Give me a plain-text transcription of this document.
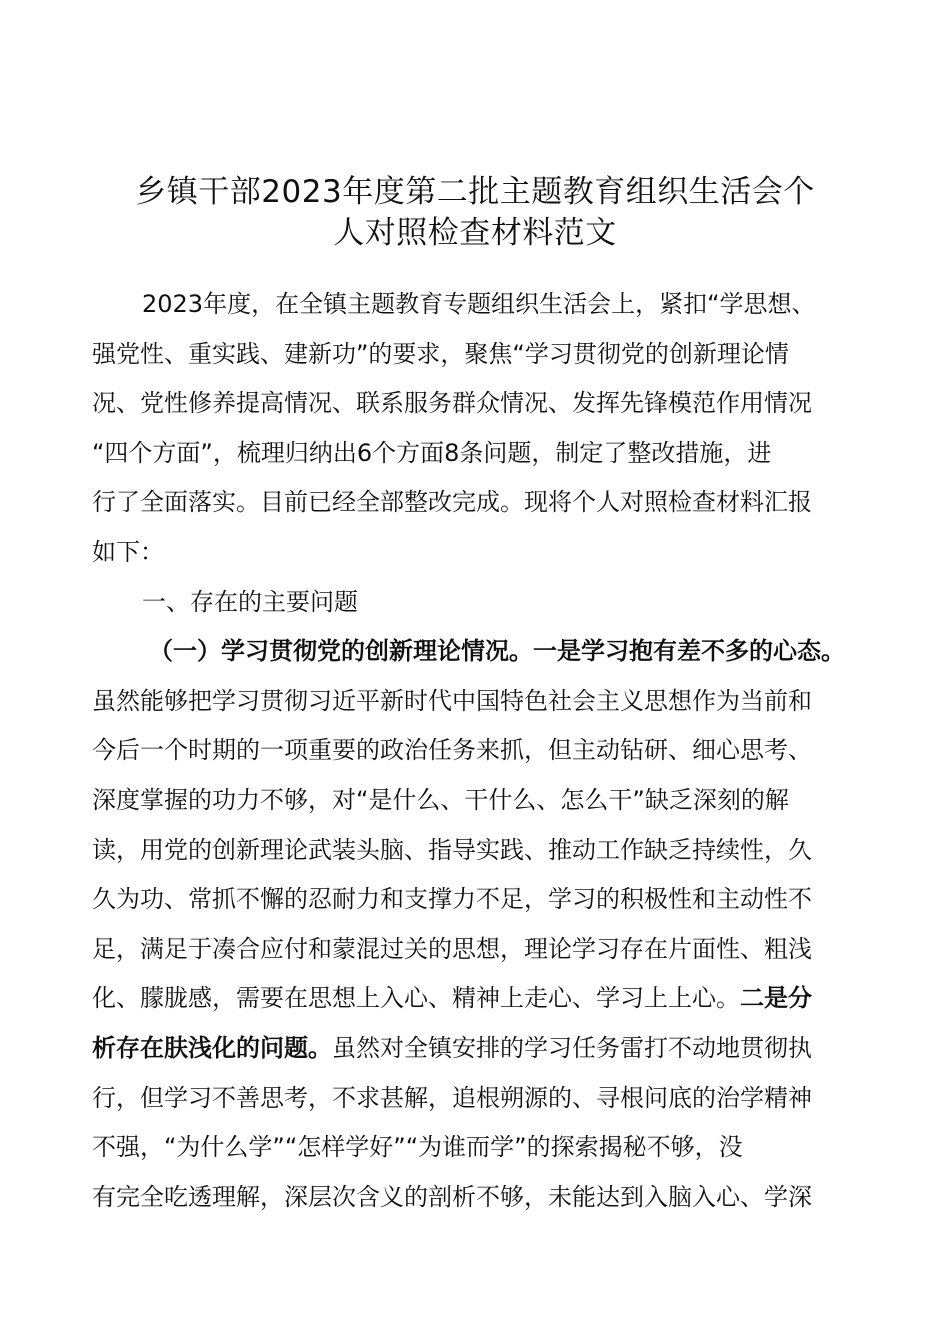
乡镇干部2023年度第二批主题教育组织生活会个
人对照检查材料范文
2023年度，在全镇主题教育专题组织生活会上，紧扣“学思想、
强党性、重实践、建新功”的要求，聚焦“学习贯彻党的创新理论情
况、党性修养提高情况、联系服务群众情况、发挥先锋模范作用情况
“四个方面”，梳理归纳出6个方面8条问题，制定了整改措施，进
行了全面落实。目前已经全部整改完成。现将个人对照检查材料汇报
如下：
一、存在的主要问题
（一）学习贯彻党的创新理论情况。一是学习抱有差不多的心态。
虽然能够把学习贯彻习近平新时代中国特色社会主义思想作为当前和
今后一个时期的一项重要的政治任务来抓，但主动钻研、细心思考、
深度掌握的功力不够，对“是什么、干什么、怎么干”缺乏深刻的解
读，用党的创新理论武装头脑、指导实践、推动工作缺乏持续性，久
久为功、常抓不懈的忍耐力和支撑力不足，学习的积极性和主动性不
足，满足于凑合应付和蒙混过关的思想，理论学习存在片面性、粗浅
化、朦胧感，需要在思想上入心、精神上走心、学习上上心。二是分
析存在肤浅化的问题。虽然对全镇安排的学习任务雷打不动地贯彻执
行，但学习不善思考，不求甚解，追根朔源的、寻根问底的治学精神
不强，“为什么学”“怎样学好”“为谁而学”的探索揭秘不够，没
有完全吃透理解，深层次含义的剖析不够，未能达到入脑入心、学深
